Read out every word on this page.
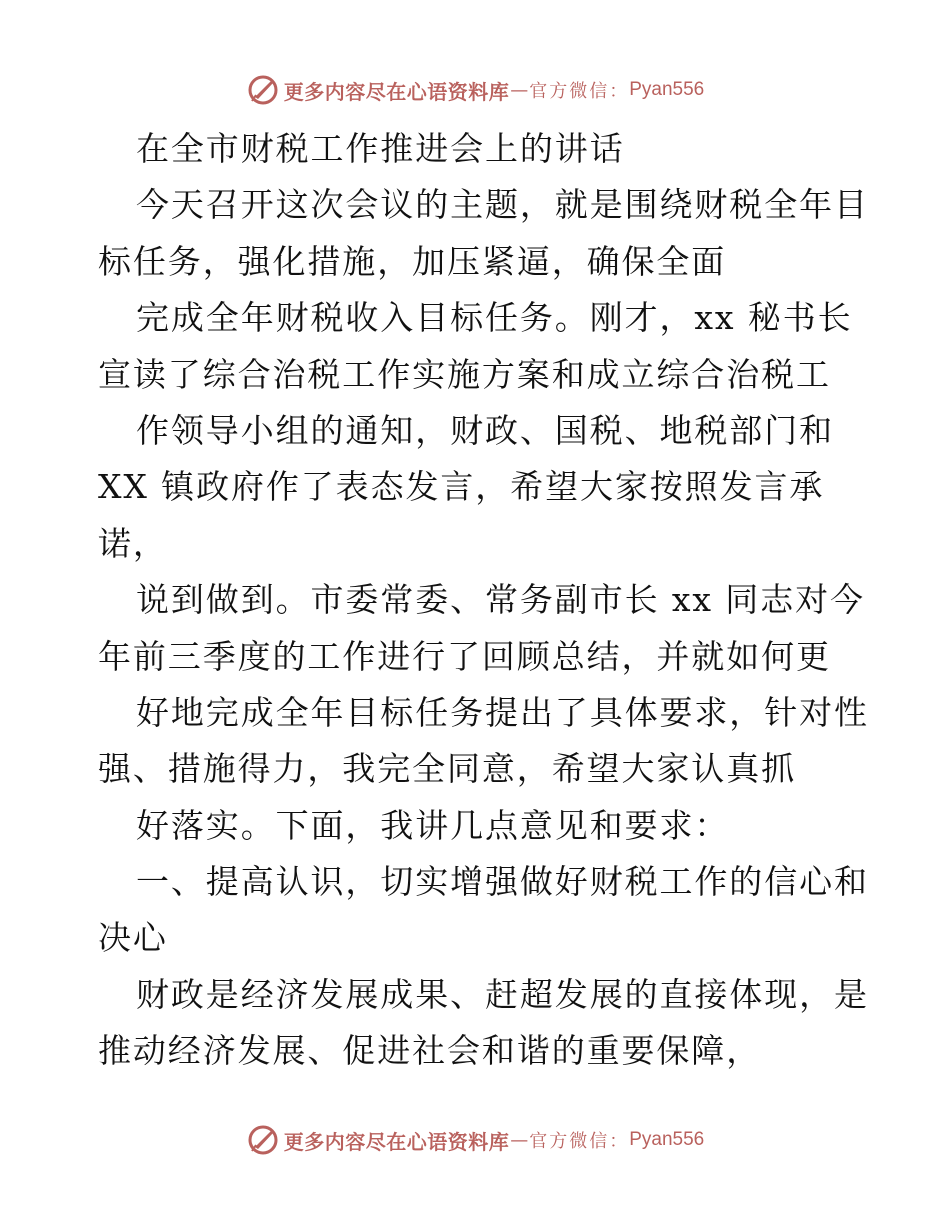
更多内容尽在心语资料库 — 官方微信： Pyan556
在全市财税工作推进会上的讲话
今天召开这次会议的主题，就是围绕财税全年目
标任务，强化措施，加压紧逼，确保全面
完成全年财税收入目标任务。刚才，xx 秘书长
宣读了综合治税工作实施方案和成立综合治税工
作领导小组的通知，财政、国税、地税部门和
XX 镇政府作了表态发言，希望大家按照发言承
诺，
说到做到。市委常委、常务副市长 xx 同志对今
年前三季度的工作进行了回顾总结，并就如何更
好地完成全年目标任务提出了具体要求，针对性
强、措施得力，我完全同意，希望大家认真抓
好落实。下面，我讲几点意见和要求：
一、提高认识，切实增强做好财税工作的信心和
决心
财政是经济发展成果、赶超发展的直接体现，是
推动经济发展、促进社会和谐的重要保障，
更多内容尽在心语资料库 — 官方微信： Pyan556
